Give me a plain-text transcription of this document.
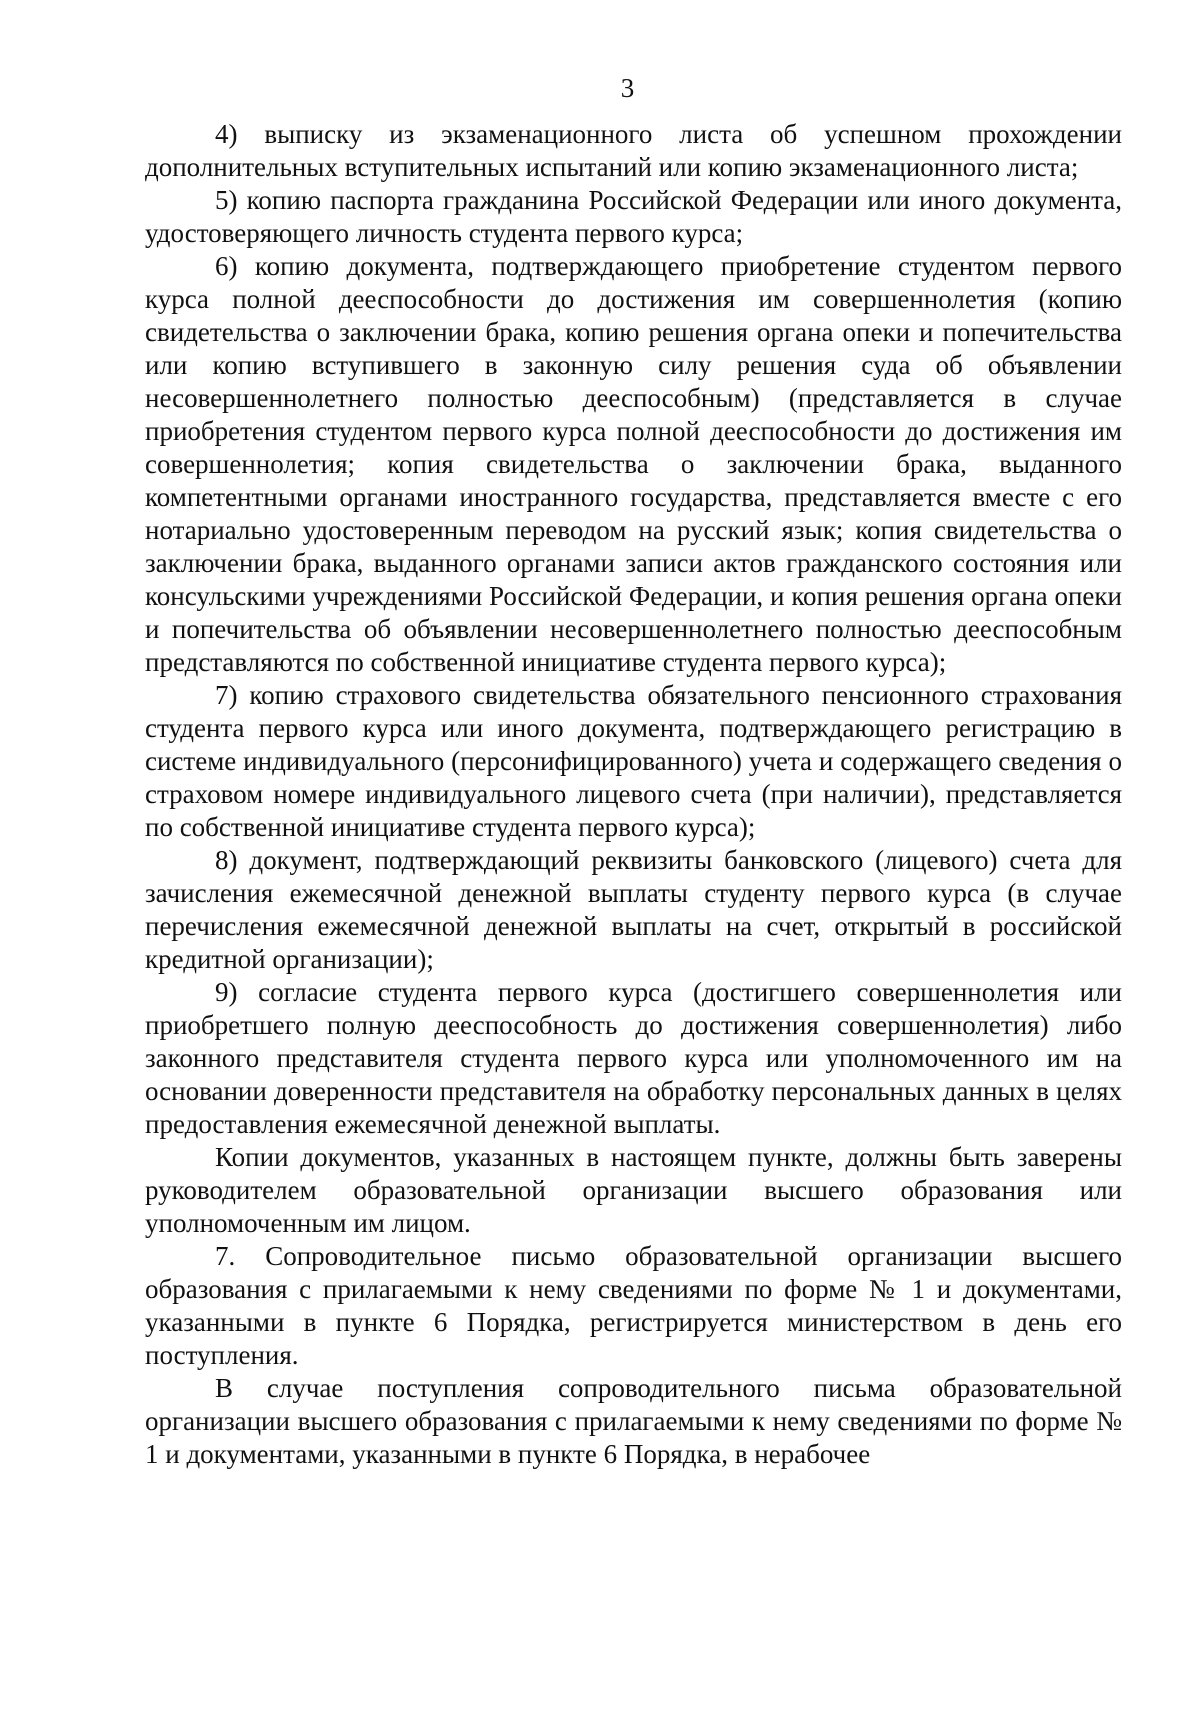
3

4) выписку из экзаменационного листа об успешном прохождении дополнительных вступительных испытаний или копию экзаменационного листа;

5) копию паспорта гражданина Российской Федерации или иного документа, удостоверяющего личность студента первого курса;

6) копию документа, подтверждающего приобретение студентом первого курса полной дееспособности до достижения им совершеннолетия (копию свидетельства о заключении брака, копию решения органа опеки и попечительства или копию вступившего в законную силу решения суда об объявлении несовершеннолетнего полностью дееспособным) (представляется в случае приобретения студентом первого курса полной дееспособности до достижения им совершеннолетия; копия свидетельства о заключении брака, выданного компетентными органами иностранного государства, представляется вместе с его нотариально удостоверенным переводом на русский язык; копия свидетельства о заключении брака, выданного органами записи актов гражданского состояния или консульскими учреждениями Российской Федерации, и копия решения органа опеки и попечительства об объявлении несовершеннолетнего полностью дееспособным представляются по собственной инициативе студента первого курса);

7) копию страхового свидетельства обязательного пенсионного страхования студента первого курса или иного документа, подтверждающего регистрацию в системе индивидуального (персонифицированного) учета и содержащего сведения о страховом номере индивидуального лицевого счета (при наличии), представляется по собственной инициативе студента первого курса);

8) документ, подтверждающий реквизиты банковского (лицевого) счета для зачисления ежемесячной денежной выплаты студенту первого курса (в случае перечисления ежемесячной денежной выплаты на счет, открытый в российской кредитной организации);

9) согласие студента первого курса (достигшего совершеннолетия или приобретшего полную дееспособность до достижения совершеннолетия) либо законного представителя студента первого курса или уполномоченного им на основании доверенности представителя на обработку персональных данных в целях предоставления ежемесячной денежной выплаты.

Копии документов, указанных в настоящем пункте, должны быть заверены руководителем образовательной организации высшего образования или уполномоченным им лицом.

7. Сопроводительное письмо образовательной организации высшего образования с прилагаемыми к нему сведениями по форме № 1 и документами, указанными в пункте 6 Порядка, регистрируется министерством в день его поступления.

В случае поступления сопроводительного письма образовательной организации высшего образования с прилагаемыми к нему сведениями по форме № 1 и документами, указанными в пункте 6 Порядка, в нерабочее
